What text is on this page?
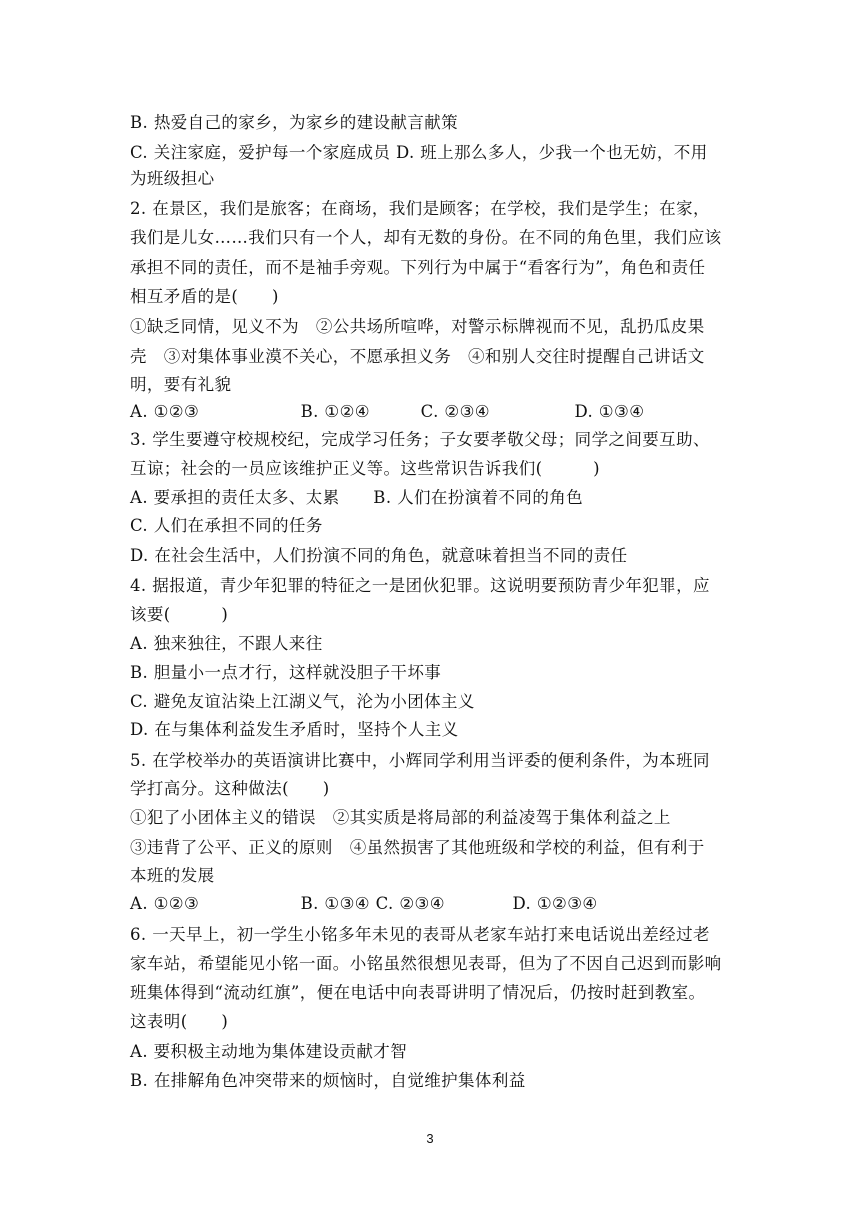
3
B. 热爱自己的家乡，为家乡的建设献言献策
C. 关注家庭，爱护每一个家庭成员 D. 班上那么多人，少我一个也无妨，不用
为班级担心
2. 在景区，我们是旅客；在商场，我们是顾客；在学校，我们是学生；在家，
我们是儿女……我们只有一个人，却有无数的身份。在不同的角色里，我们应该
承担不同的责任，而不是袖手旁观。下列行为中属于“看客行为”，角色和责任
相互矛盾的是(　　)
①缺乏同情，见义不为　②公共场所喧哗，对警示标牌视而不见，乱扔瓜皮果
壳　③对集体事业漠不关心，不愿承担义务　④和别人交往时提醒自己讲话文
明，要有礼貌
A. ①②③　　　　　　B. ①②④　　　C. ②③④　　　　　D. ①③④
3. 学生要遵守校规校纪，完成学习任务；子女要孝敬父母；同学之间要互助、
互谅；社会的一员应该维护正义等。这些常识告诉我们(　　　)
A. 要承担的责任太多、太累　　B. 人们在扮演着不同的角色
C. 人们在承担不同的任务
D. 在社会生活中，人们扮演不同的角色，就意味着担当不同的责任
4. 据报道，青少年犯罪的特征之一是团伙犯罪。这说明要预防青少年犯罪，应
该要(　　　)
A. 独来独往，不跟人来往
B. 胆量小一点才行，这样就没胆子干坏事
C. 避免友谊沾染上江湖义气，沦为小团体主义
D. 在与集体利益发生矛盾时，坚持个人主义
5. 在学校举办的英语演讲比赛中，小辉同学利用当评委的便利条件，为本班同
学打高分。这种做法(　　)
①犯了小团体主义的错误　②其实质是将局部的利益凌驾于集体利益之上
③违背了公平、正义的原则　④虽然损害了其他班级和学校的利益，但有利于
本班的发展
A. ①②③　　　　　　B. ①③④ C. ②③④　　　　D. ①②③④
6. 一天早上，初一学生小铭多年未见的表哥从老家车站打来电话说出差经过老
家车站，希望能见小铭一面。小铭虽然很想见表哥，但为了不因自己迟到而影响
班集体得到“流动红旗”，便在电话中向表哥讲明了情况后，仍按时赶到教室。
这表明(　　)
A. 要积极主动地为集体建设贡献才智
B. 在排解角色冲突带来的烦恼时，自觉维护集体利益
